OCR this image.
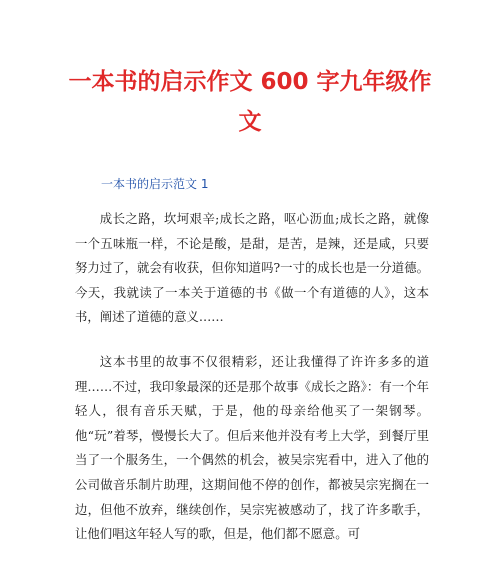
一本书的启示作文 600 字九年级作文
一本书的启示范文 1

成长之路，坎坷艰辛;成长之路，呕心沥血;成长之路，就像一个五味瓶一样，不论是酸，是甜，是苦，是辣，还是咸，只要努力过了，就会有收获，但你知道吗?一寸的成长也是一分道德。今天，我就读了一本关于道德的书《做一个有道德的人》，这本书，阐述了道德的意义……

这本书里的故事不仅很精彩，还让我懂得了许许多多的道理……不过，我印象最深的还是那个故事《成长之路》：有一个年轻人，很有音乐天赋，于是，他的母亲给他买了一架钢琴。他“玩”着琴，慢慢长大了。但后来他并没有考上大学，到餐厅里当了一个服务生，一个偶然的机会，被吴宗宪看中，进入了他的公司做音乐制片助理，这期间他不停的创作，都被吴宗宪搁在一边，但他不放弃，继续创作，吴宗宪被感动了，找了许多歌手，让他们唱这年轻人写的歌，但是，他们都不愿意。可
